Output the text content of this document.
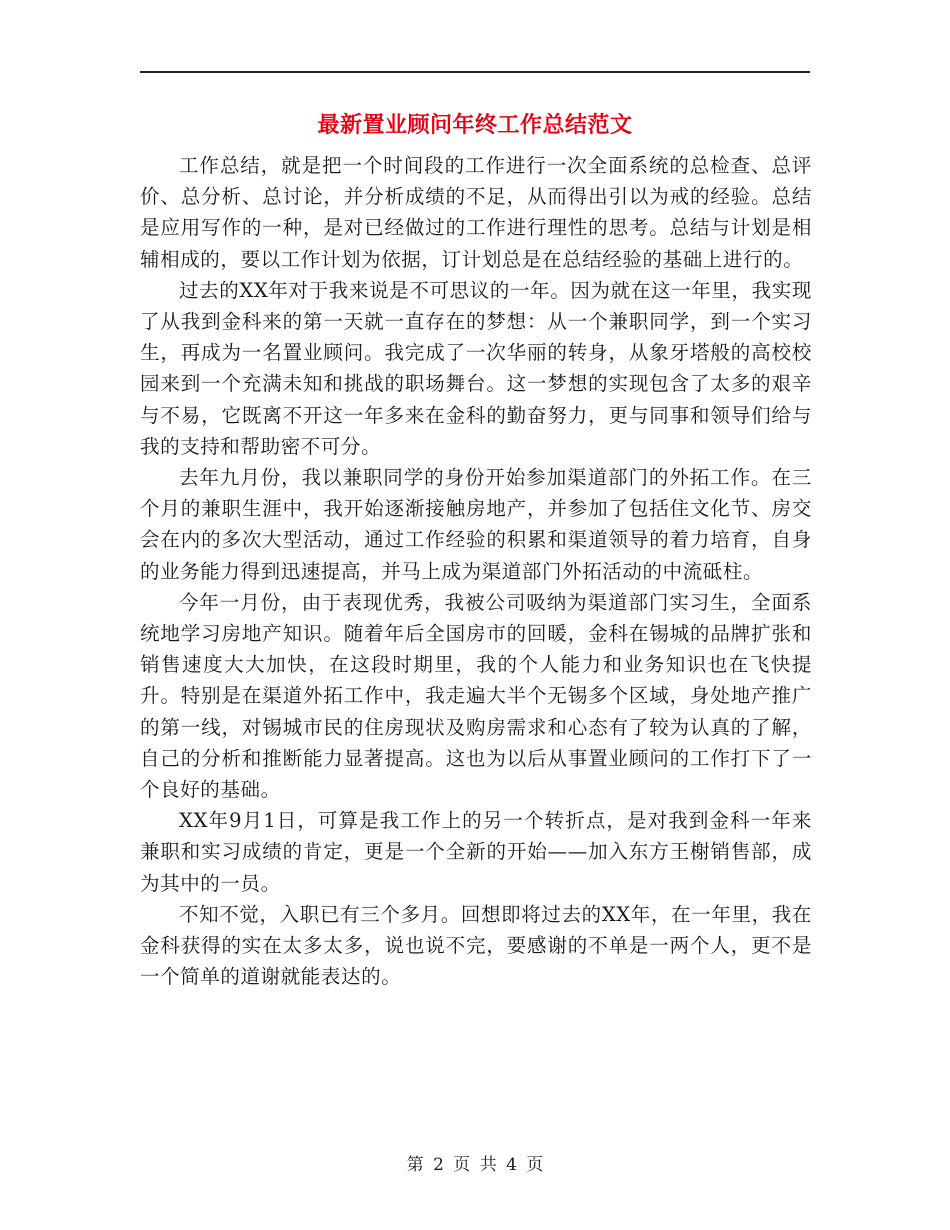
最新置业顾问年终工作总结范文

工作总结，就是把一个时间段的工作进行一次全面系统的总检查、总评价、总分析、总讨论，并分析成绩的不足，从而得出引以为戒的经验。总结是应用写作的一种，是对已经做过的工作进行理性的思考。总结与计划是相辅相成的，要以工作计划为依据，订计划总是在总结经验的基础上进行的。

过去的XX年对于我来说是不可思议的一年。因为就在这一年里，我实现了从我到金科来的第一天就一直存在的梦想：从一个兼职同学，到一个实习生，再成为一名置业顾问。我完成了一次华丽的转身，从象牙塔般的高校校园来到一个充满未知和挑战的职场舞台。这一梦想的实现包含了太多的艰辛与不易，它既离不开这一年多来在金科的勤奋努力，更与同事和领导们给与我的支持和帮助密不可分。

去年九月份，我以兼职同学的身份开始参加渠道部门的外拓工作。在三个月的兼职生涯中，我开始逐渐接触房地产，并参加了包括住文化节、房交会在内的多次大型活动，通过工作经验的积累和渠道领导的着力培育，自身的业务能力得到迅速提高，并马上成为渠道部门外拓活动的中流砥柱。

今年一月份，由于表现优秀，我被公司吸纳为渠道部门实习生，全面系统地学习房地产知识。随着年后全国房市的回暖，金科在锡城的品牌扩张和销售速度大大加快，在这段时期里，我的个人能力和业务知识也在飞快提升。特别是在渠道外拓工作中，我走遍大半个无锡多个区域，身处地产推广的第一线，对锡城市民的住房现状及购房需求和心态有了较为认真的了解，自己的分析和推断能力显著提高。这也为以后从事置业顾问的工作打下了一个良好的基础。

XX年9月1日，可算是我工作上的另一个转折点，是对我到金科一年来兼职和实习成绩的肯定，更是一个全新的开始——加入东方王榭销售部，成为其中的一员。

不知不觉，入职已有三个多月。回想即将过去的XX年，在一年里，我在金科获得的实在太多太多，说也说不完，要感谢的不单是一两个人，更不是一个简单的道谢就能表达的。

第 2 页 共 4 页
